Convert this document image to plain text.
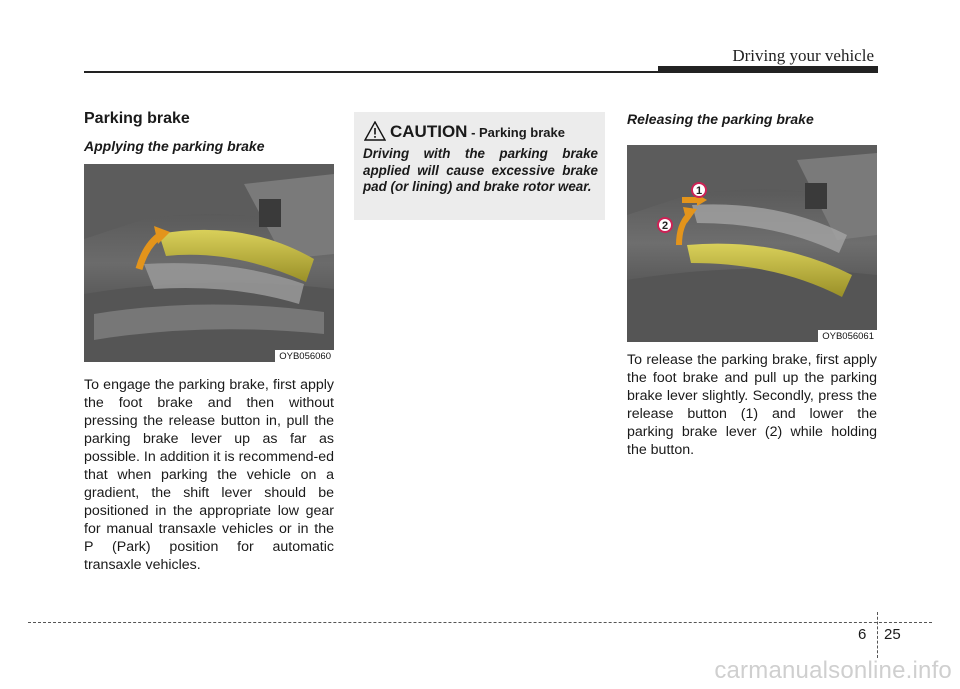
Driving your vehicle
Parking brake
Applying the parking brake
OYB056060

To engage the parking brake, first apply the foot brake and then without pressing the release button in, pull the parking brake lever up as far as possible. In addition it is recommend-ed that when parking the vehicle on a gradient, the shift lever should be positioned in the appropriate low gear for manual transaxle vehicles or in the P (Park) position for automatic transaxle vehicles.

CAUTION - Parking brake

Driving with the parking brake applied will cause excessive brake pad (or lining) and brake rotor wear.

Releasing the parking brake
1
2
OYB056061

To release the parking brake, first apply the foot brake and pull up the parking brake lever slightly. Secondly, press the release button (1) and lower the parking brake lever (2) while holding the button.

6 25
carmanualsonline.info
